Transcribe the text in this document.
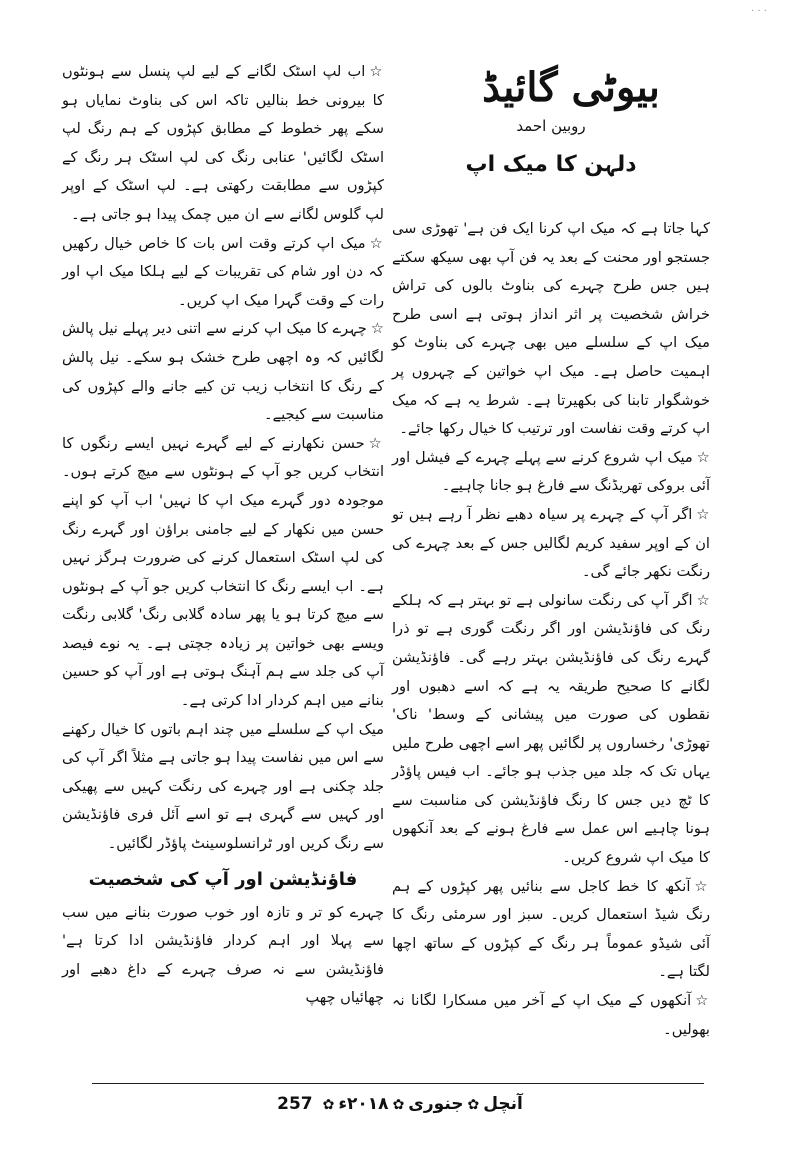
· · ·
بیوٹی گائیڈ
روبین احمد
دلہن کا میک اپ

کہا جاتا ہے کہ میک اپ کرنا ایک فن ہے' تھوڑی سی جستجو اور محنت کے بعد یہ فن آپ بھی سیکھ سکتے ہیں جس طرح چہرے کی بناوٹ بالوں کی تراش خراش شخصیت پر اثر انداز ہوتی ہے اسی طرح میک اپ کے سلسلے میں بھی چہرے کی بناوٹ کو اہمیت حاصل ہے۔ میک اپ خواتین کے چہروں پر خوشگوار تابنا کی بکھیرتا ہے۔ شرط یہ ہے کہ میک اپ کرتے وقت نفاست اور ترتیب کا خیال رکھا جائے۔

☆میک اپ شروع کرنے سے پہلے چہرے کے فیشل اور آئی بروکی تھریڈنگ سے فارغ ہو جانا چاہیے۔

☆اگر آپ کے چہرے پر سیاہ دھبے نظر آ رہے ہیں تو ان کے اوپر سفید کریم لگالیں جس کے بعد چہرے کی رنگت نکھر جائے گی۔

☆اگر آپ کی رنگت سانولی ہے تو بہتر ہے کہ ہلکے رنگ کی فاؤنڈیشن اور اگر رنگت گوری ہے تو ذرا گہرے رنگ کی فاؤنڈیشن بہتر رہے گی۔ فاؤنڈیشن لگانے کا صحیح طریقہ یہ ہے کہ اسے دھبوں اور نقطوں کی صورت میں پیشانی کے وسط' ناک' تھوڑی' رخساروں پر لگائیں پھر اسے اچھی طرح ملیں یہاں تک کہ جلد میں جذب ہو جائے۔ اب فیس پاؤڈر کا ٹچ دیں جس کا رنگ فاؤنڈیشن کی مناسبت سے ہونا چاہیے اس عمل سے فارغ ہونے کے بعد آنکھوں کا میک اپ شروع کریں۔

☆آنکھ کا خط کاجل سے بنائیں پھر کپڑوں کے ہم رنگ شیڈ استعمال کریں۔ سبز اور سرمئی رنگ کا آئی شیڈو عموماً ہر رنگ کے کپڑوں کے ساتھ اچھا لگتا ہے۔

☆آنکھوں کے میک اپ کے آخر میں مسکارا لگانا نہ بھولیں۔

☆اب لپ اسٹک لگانے کے لیے لپ پنسل سے ہونٹوں کا بیرونی خط بنالیں تاکہ اس کی بناوٹ نمایاں ہو سکے پھر خطوط کے مطابق کپڑوں کے ہم رنگ لپ اسٹک لگائیں' عنابی رنگ کی لپ اسٹک ہر رنگ کے کپڑوں سے مطابقت رکھتی ہے۔ لپ اسٹک کے اوپر لپ گلوس لگانے سے ان میں چمک پیدا ہو جاتی ہے۔

☆میک اپ کرتے وقت اس بات کا خاص خیال رکھیں کہ دن اور شام کی تقریبات کے لیے ہلکا میک اپ اور رات کے وقت گہرا میک اپ کریں۔

☆چہرے کا میک اپ کرنے سے اتنی دیر پہلے نیل پالش لگائیں کہ وہ اچھی طرح خشک ہو سکے۔ نیل پالش کے رنگ کا انتخاب زیب تن کیے جانے والے کپڑوں کی مناسبت سے کیجیے۔

☆حسن نکھارنے کے لیے گہرے نہیں ایسے رنگوں کا انتخاب کریں جو آپ کے ہونٹوں سے میچ کرتے ہوں۔ موجودہ دور گہرے میک اپ کا نہیں' اب آپ کو اپنے حسن میں نکھار کے لیے جامنی براؤن اور گہرے رنگ کی لپ اسٹک استعمال کرنے کی ضرورت ہرگز نہیں ہے۔ اب ایسے رنگ کا انتخاب کریں جو آپ کے ہونٹوں سے میچ کرتا ہو یا پھر سادہ گلابی رنگ' گلابی رنگت ویسے بھی خواتین پر زیادہ جچتی ہے۔ یہ نوے فیصد آپ کی جلد سے ہم آہنگ ہوتی ہے اور آپ کو حسین بنانے میں اہم کردار ادا کرتی ہے۔

میک اپ کے سلسلے میں چند اہم باتوں کا خیال رکھنے سے اس میں نفاست پیدا ہو جاتی ہے مثلاً اگر آپ کی جلد چکنی ہے اور چہرے کی رنگت کہیں سے پھیکی اور کہیں سے گہری ہے تو اسے آئل فری فاؤنڈیشن سے رنگ کریں اور ٹرانسلوسینٹ پاؤڈر لگائیں۔

فاؤنڈیشن اور آپ کی شخصیت

چہرے کو تر و تازہ اور خوب صورت بنانے میں سب سے پہلا اور اہم کردار فاؤنڈیشن ادا کرتا ہے' فاؤنڈیشن سے نہ صرف چہرے کے داغ دھبے اور چھائیاں چھپ

آنچل✿جنوری✿۲۰۱۸ء✿257
